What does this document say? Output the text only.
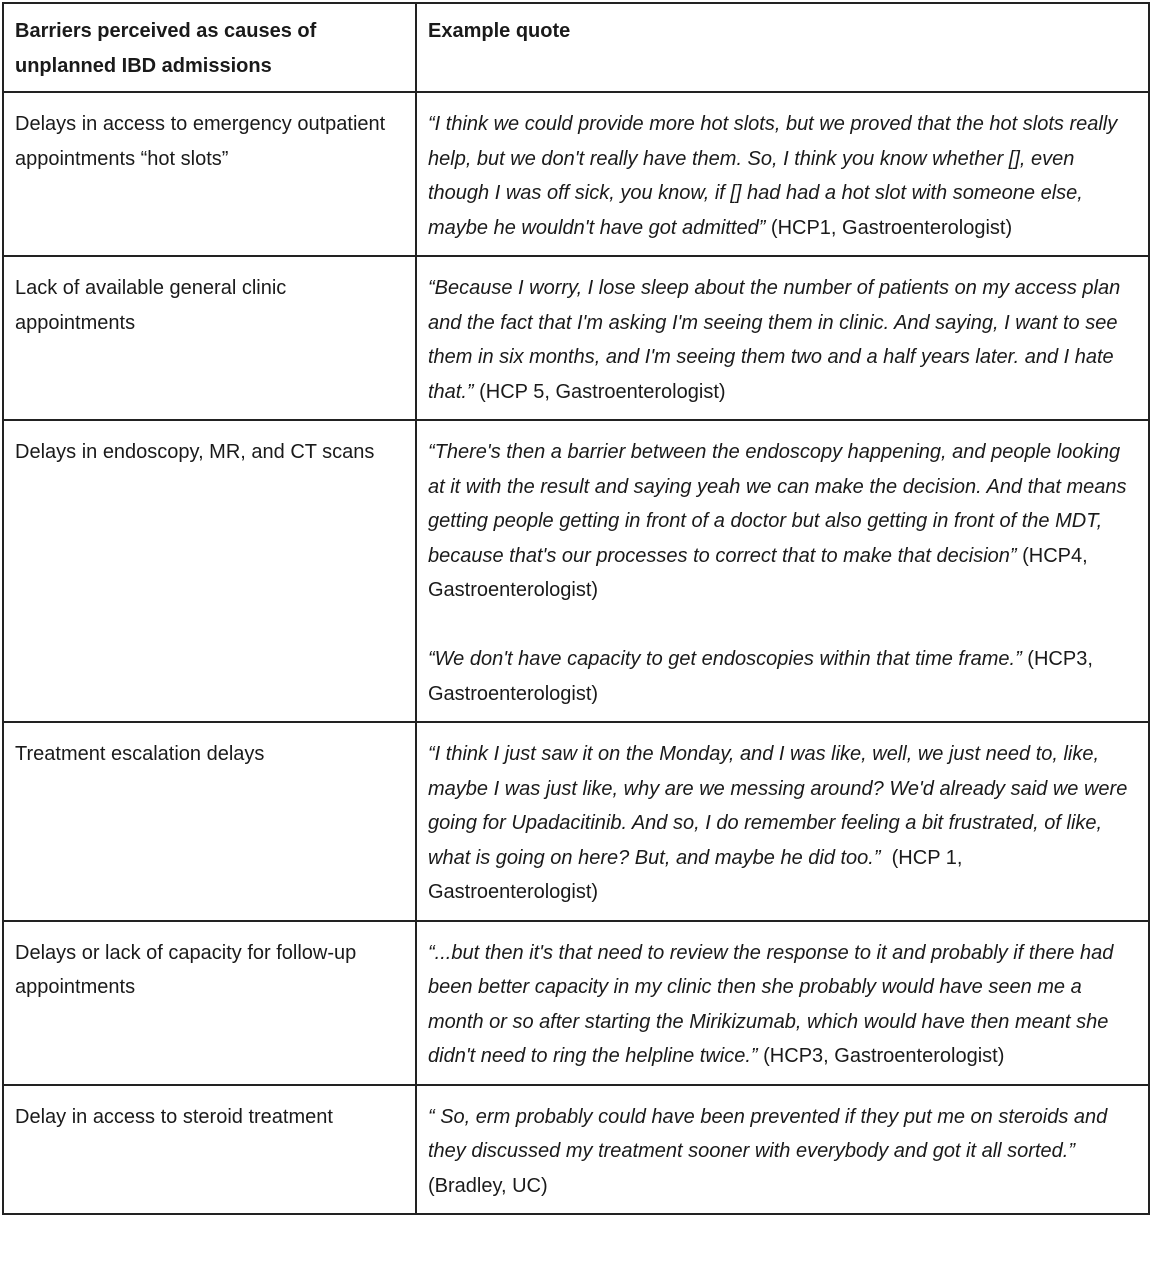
Barriers perceived as causes of unplanned IBD admissions	Example quote
Delays in access to emergency outpatient appointments “hot slots”	“I think we could provide more hot slots, but we proved that the hot slots really help, but we don't really have them. So, I think you know whether [], even though I was off sick, you know, if [] had had a hot slot with someone else, maybe he wouldn't have got admitted” (HCP1, Gastroenterologist)

Lack of available general clinic appointments	“Because I worry, I lose sleep about the number of patients on my access plan and the fact that I'm asking I'm seeing them in clinic. And saying, I want to see them in six months, and I'm seeing them two and a half years later. and I hate that.” (HCP 5, Gastroenterologist)

Delays in endoscopy, MR, and CT scans	“There's then a barrier between the endoscopy happening, and people looking at it with the result and saying yeah we can make the decision. And that means getting people getting in front of a doctor but also getting in front of the MDT, because that's our processes to correct that to make that decision” (HCP4, Gastroenterologist)
“We don't have capacity to get endoscopies within that time frame.” (HCP3, Gastroenterologist)

Treatment escalation delays	“I think I just saw it on the Monday, and I was like, well, we just need to, like, maybe I was just like, why are we messing around? We'd already said we were going for Upadacitinib. And so, I do remember feeling a bit frustrated, of like, what is going on here? But, and maybe he did too.”  (HCP 1, Gastroenterologist)

Delays or lack of capacity for follow-up appointments	“...but then it's that need to review the response to it and probably if there had been better capacity in my clinic then she probably would have seen me a month or so after starting the Mirikizumab, which would have then meant she didn't need to ring the helpline twice.” (HCP3, Gastroenterologist)

Delay in access to steroid treatment	“ So, erm probably could have been prevented if they put me on steroids and they discussed my treatment sooner with everybody and got it all sorted.” (Bradley, UC)
